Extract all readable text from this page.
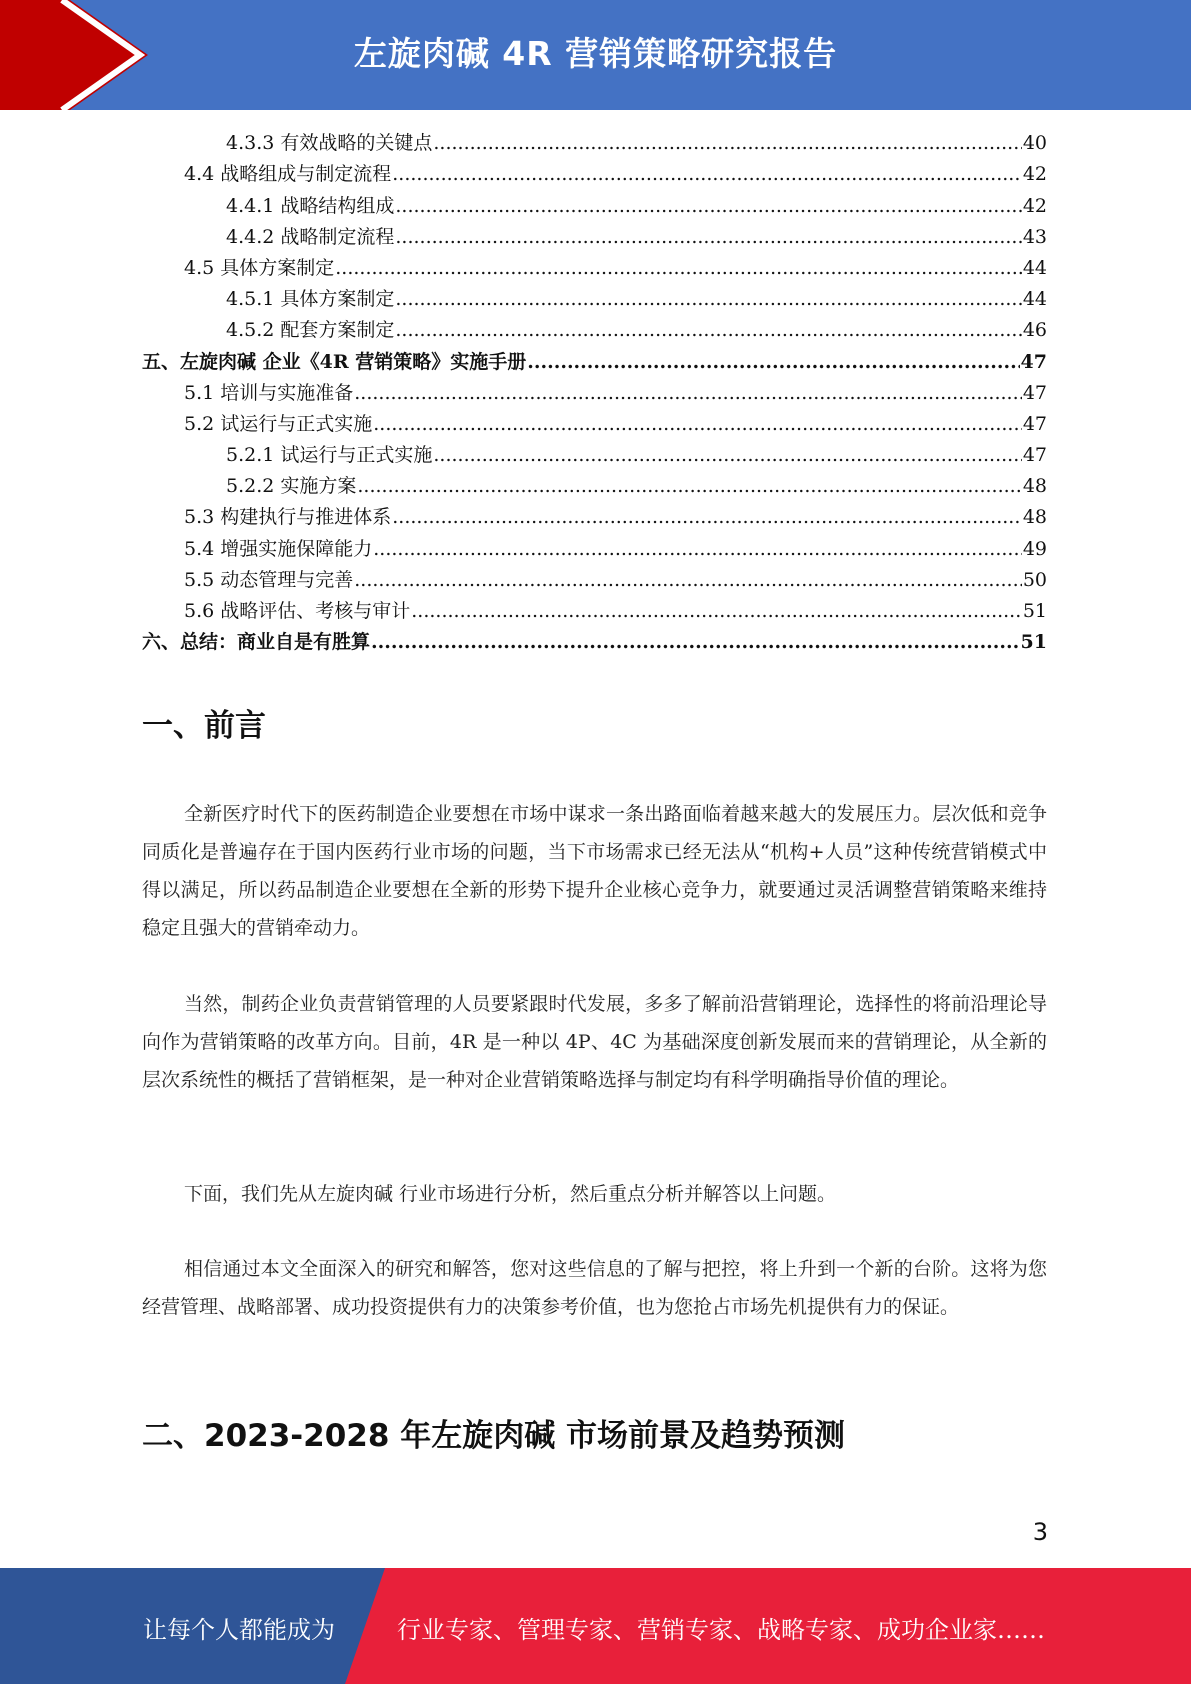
左旋肉碱 4R 营销策略研究报告
4.3.3 有效战略的关键点 .....	40
4.4 战略组成与制定流程 .....	42
4.4.1 战略结构组成 .....	42
4.4.2 战略制定流程 .....	43
4.5 具体方案制定 .....	44
4.5.1 具体方案制定 .....	44
4.5.2 配套方案制定 .....	46
五、左旋肉碱 企业《4R 营销策略》实施手册 .....	47
5.1 培训与实施准备 .....	47
5.2 试运行与正式实施 .....	47
5.2.1 试运行与正式实施 .....	47
5.2.2 实施方案 .....	48
5.3 构建执行与推进体系 .....	48
5.4 增强实施保障能力 .....	49
5.5 动态管理与完善 .....	50
5.6 战略评估、考核与审计 .....	51
六、总结：商业自是有胜算 .....	51
一、前言

全新医疗时代下的医药制造企业要想在市场中谋求一条出路面临着越来越大的发展压力。层次低和竞争同质化是普遍存在于国内医药行业市场的问题，当下市场需求已经无法从“机构+人员”这种传统营销模式中得以满足，所以药品制造企业要想在全新的形势下提升企业核心竞争力，就要通过灵活调整营销策略来维持稳定且强大的营销牵动力。

当然，制药企业负责营销管理的人员要紧跟时代发展，多多了解前沿营销理论，选择性的将前沿理论导向作为营销策略的改革方向。目前，4R 是一种以 4P、4C 为基础深度创新发展而来的营销理论，从全新的层次系统性的概括了营销框架，是一种对企业营销策略选择与制定均有科学明确指导价值的理论。

下面，我们先从左旋肉碱 行业市场进行分析，然后重点分析并解答以上问题。

相信通过本文全面深入的研究和解答，您对这些信息的了解与把控，将上升到一个新的台阶。这将为您经营管理、战略部署、成功投资提供有力的决策参考价值，也为您抢占市场先机提供有力的保证。

二、2023-2028 年左旋肉碱 市场前景及趋势预测
3
让每个人都能成为	行业专家、管理专家、营销专家、战略专家、成功企业家……
